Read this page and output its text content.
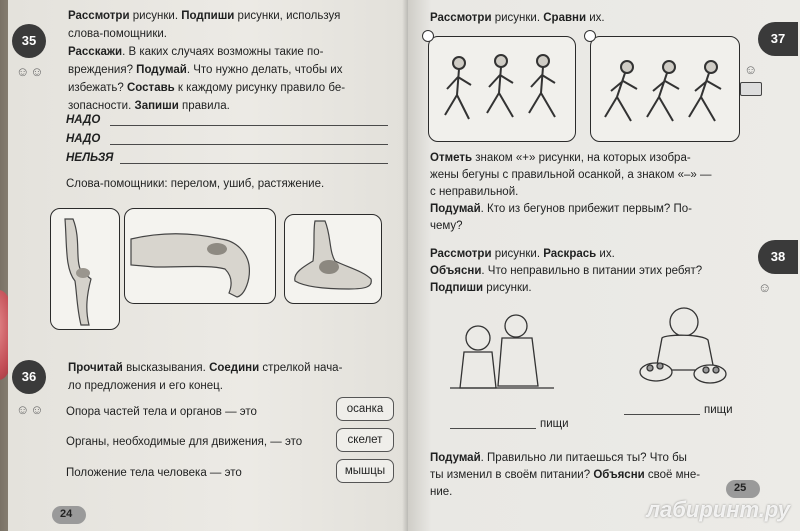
35
☺☺
Рассмотри рисунки. Подпиши рисунки, используя
слова-помощники.
Расскажи. В каких случаях возможны такие по-
вреждения? Подумай. Что нужно делать, чтобы их
избежать? Составь к каждому рисунку правило бе-
зопасности. Запиши правила.
НАДО
НАДО
НЕЛЬЗЯ
Слова-помощники: перелом, ушиб, растяжение.
36
☺☺
Прочитай высказывания. Соедини стрелкой нача-
ло предложения и его конец.
Опора частей тела и органов — это
Органы, необходимые для движения, — это
Положение тела человека — это
осанка
скелет
мышцы
24
Рассмотри рисунки. Сравни их.
37
☺
Отметь знаком «+» рисунки, на которых изобра-
жены бегуны с правильной осанкой, а знаком «–» —
с неправильной.
Подумай. Кто из бегунов прибежит первым? По-
чему?
38
☺
Рассмотри рисунки. Раскрась их.
Объясни. Что неправильно в питании этих ребят?
Подпиши рисунки.
пищи
пищи
Подумай. Правильно ли питаешься ты? Что бы
ты изменил в своём питании? Объясни своё мне-
ние.	25
лабиринт.ру
